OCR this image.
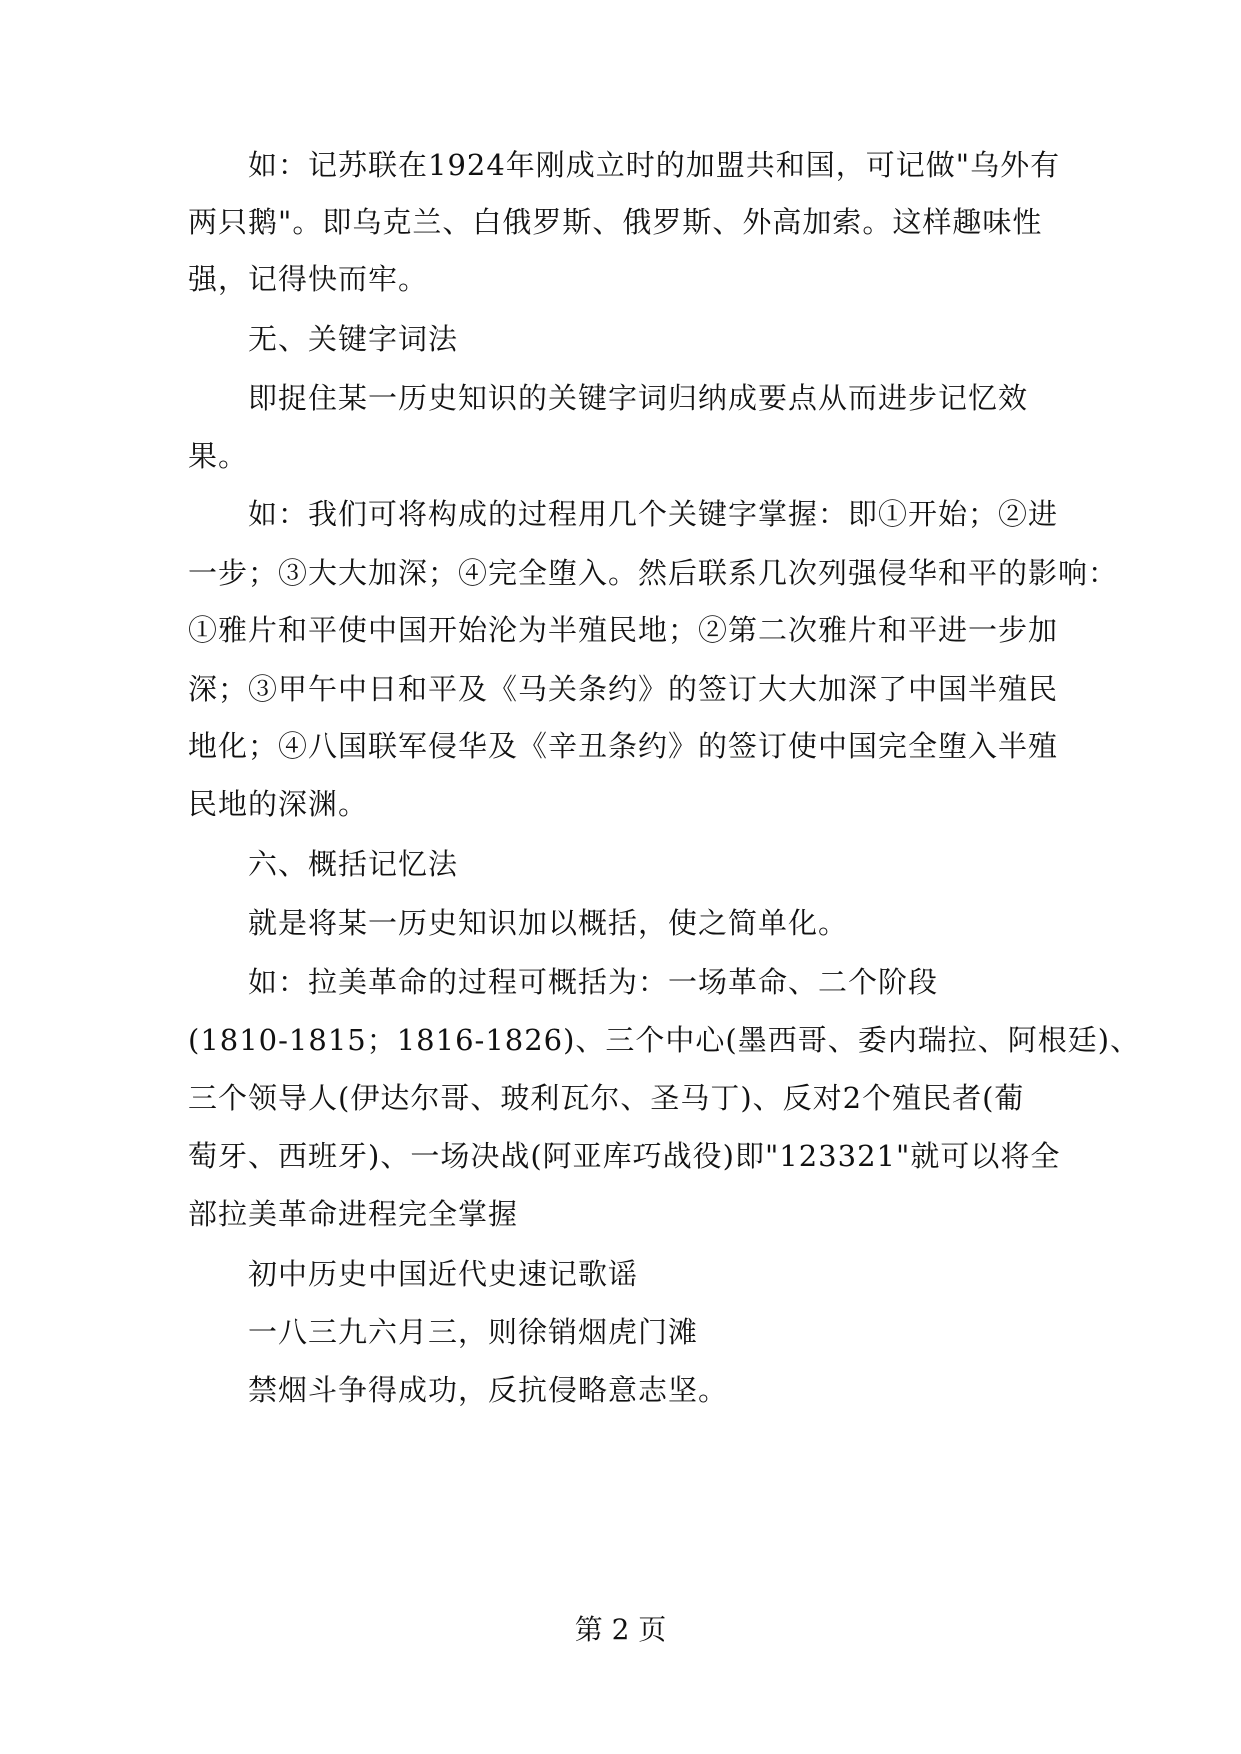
如：记苏联在1924年刚成立时的加盟共和国，可记做"乌外有
两只鹅"。即乌克兰、白俄罗斯、俄罗斯、外高加索。这样趣味性
强，记得快而牢。
无、关键字词法
即捉住某一历史知识的关键字词归纳成要点从而进步记忆效
果。
如：我们可将构成的过程用几个关键字掌握：即①开始；②进
一步；③大大加深；④完全堕入。然后联系几次列强侵华和平的影响：
①雅片和平使中国开始沦为半殖民地；②第二次雅片和平进一步加
深；③甲午中日和平及《马关条约》的签订大大加深了中国半殖民
地化；④八国联军侵华及《辛丑条约》的签订使中国完全堕入半殖
民地的深渊。
六、概括记忆法
就是将某一历史知识加以概括，使之简单化。
如：拉美革命的过程可概括为：一场革命、二个阶段
(1810-1815；1816-1826)、三个中心(墨西哥、委内瑞拉、阿根廷)、
三个领导人(伊达尔哥、玻利瓦尔、圣马丁)、反对2个殖民者(葡
萄牙、西班牙)、一场决战(阿亚库巧战役)即"123321"就可以将全
部拉美革命进程完全掌握
初中历史中国近代史速记歌谣
一八三九六月三，则徐销烟虎门滩
禁烟斗争得成功，反抗侵略意志坚。
第 2 页
